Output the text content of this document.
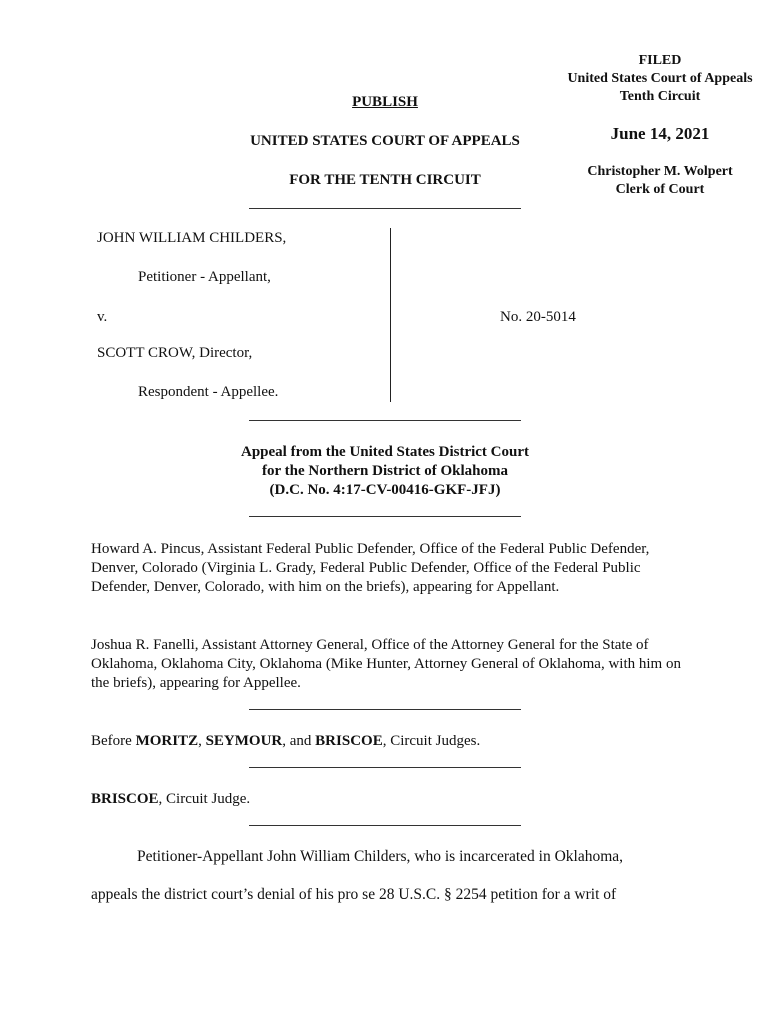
FILED
United States Court of Appeals
Tenth Circuit
June 14, 2021
Christopher M. Wolpert
Clerk of Court
PUBLISH
UNITED STATES COURT OF APPEALS
FOR THE TENTH CIRCUIT
JOHN WILLIAM CHILDERS,
Petitioner - Appellant,
v.
SCOTT CROW, Director,
Respondent - Appellee.
No. 20-5014
Appeal from the United States District Court
for the Northern District of Oklahoma
(D.C. No. 4:17-CV-00416-GKF-JFJ)
Howard A. Pincus, Assistant Federal Public Defender, Office of the Federal Public Defender, Denver, Colorado (Virginia L. Grady, Federal Public Defender, Office of the Federal Public Defender, Denver, Colorado, with him on the briefs), appearing for Appellant.
Joshua R. Fanelli, Assistant Attorney General, Office of the Attorney General for the State of Oklahoma, Oklahoma City, Oklahoma (Mike Hunter, Attorney General of Oklahoma, with him on the briefs), appearing for Appellee.
Before MORITZ, SEYMOUR, and BRISCOE, Circuit Judges.
BRISCOE, Circuit Judge.
Petitioner-Appellant John William Childers, who is incarcerated in Oklahoma,
appeals the district court’s denial of his pro se 28 U.S.C. § 2254 petition for a writ of
